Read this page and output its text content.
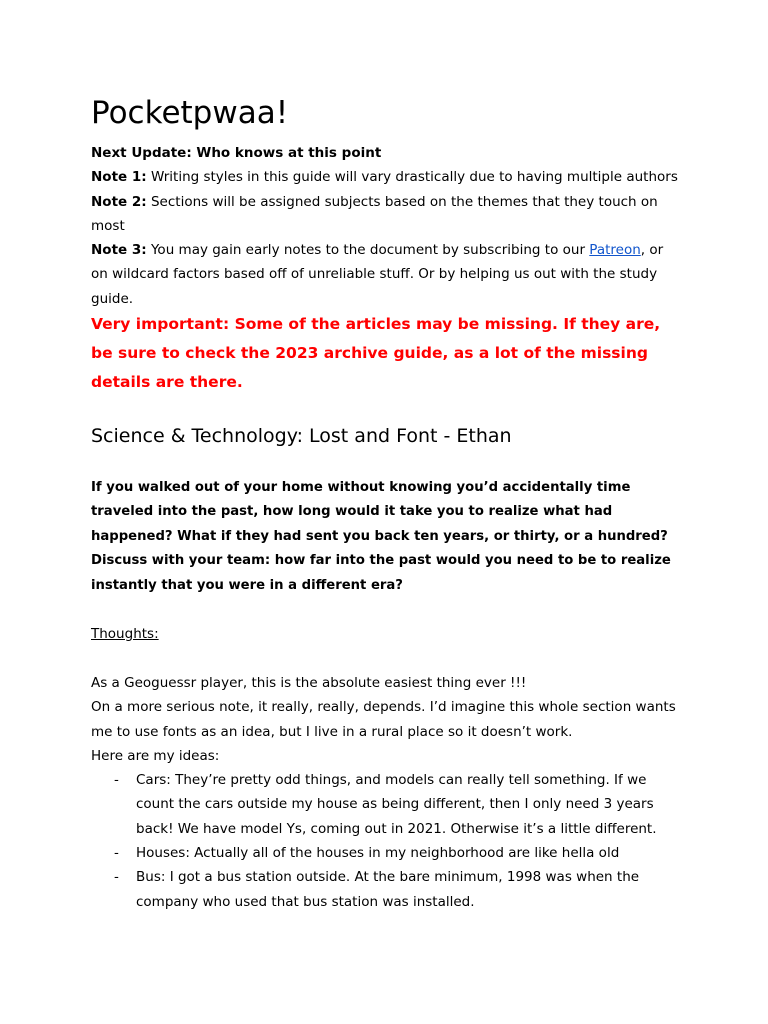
Pocketpwaa!

Next Update: Who knows at this point

Note 1: Writing styles in this guide will vary drastically due to having multiple authors

Note 2: Sections will be assigned subjects based on the themes that they touch on most

Note 3: You may gain early notes to the document by subscribing to our Patreon, or on wildcard factors based off of unreliable stuff. Or by helping us out with the study guide.

Very important: Some of the articles may be missing. If they are, be sure to check the 2023 archive guide, as a lot of the missing details are there.

Science & Technology: Lost and Font - Ethan

If you walked out of your home without knowing you’d accidentally time traveled into the past, how long would it take you to realize what had happened? What if they had sent you back ten years, or thirty, or a hundred? Discuss with your team: how far into the past would you need to be to realize instantly that you were in a different era?

Thoughts:

As a Geoguessr player, this is the absolute easiest thing ever !!!

On a more serious note, it really, really, depends. I’d imagine this whole section wants me to use fonts as an idea, but I live in a rural place so it doesn’t work.

Here are my ideas:

- Cars: They’re pretty odd things, and models can really tell something. If we count the cars outside my house as being different, then I only need 3 years back! We have model Ys, coming out in 2021. Otherwise it’s a little different.
- Houses: Actually all of the houses in my neighborhood are like hella old
- Bus: I got a bus station outside. At the bare minimum, 1998 was when the company who used that bus station was installed.
